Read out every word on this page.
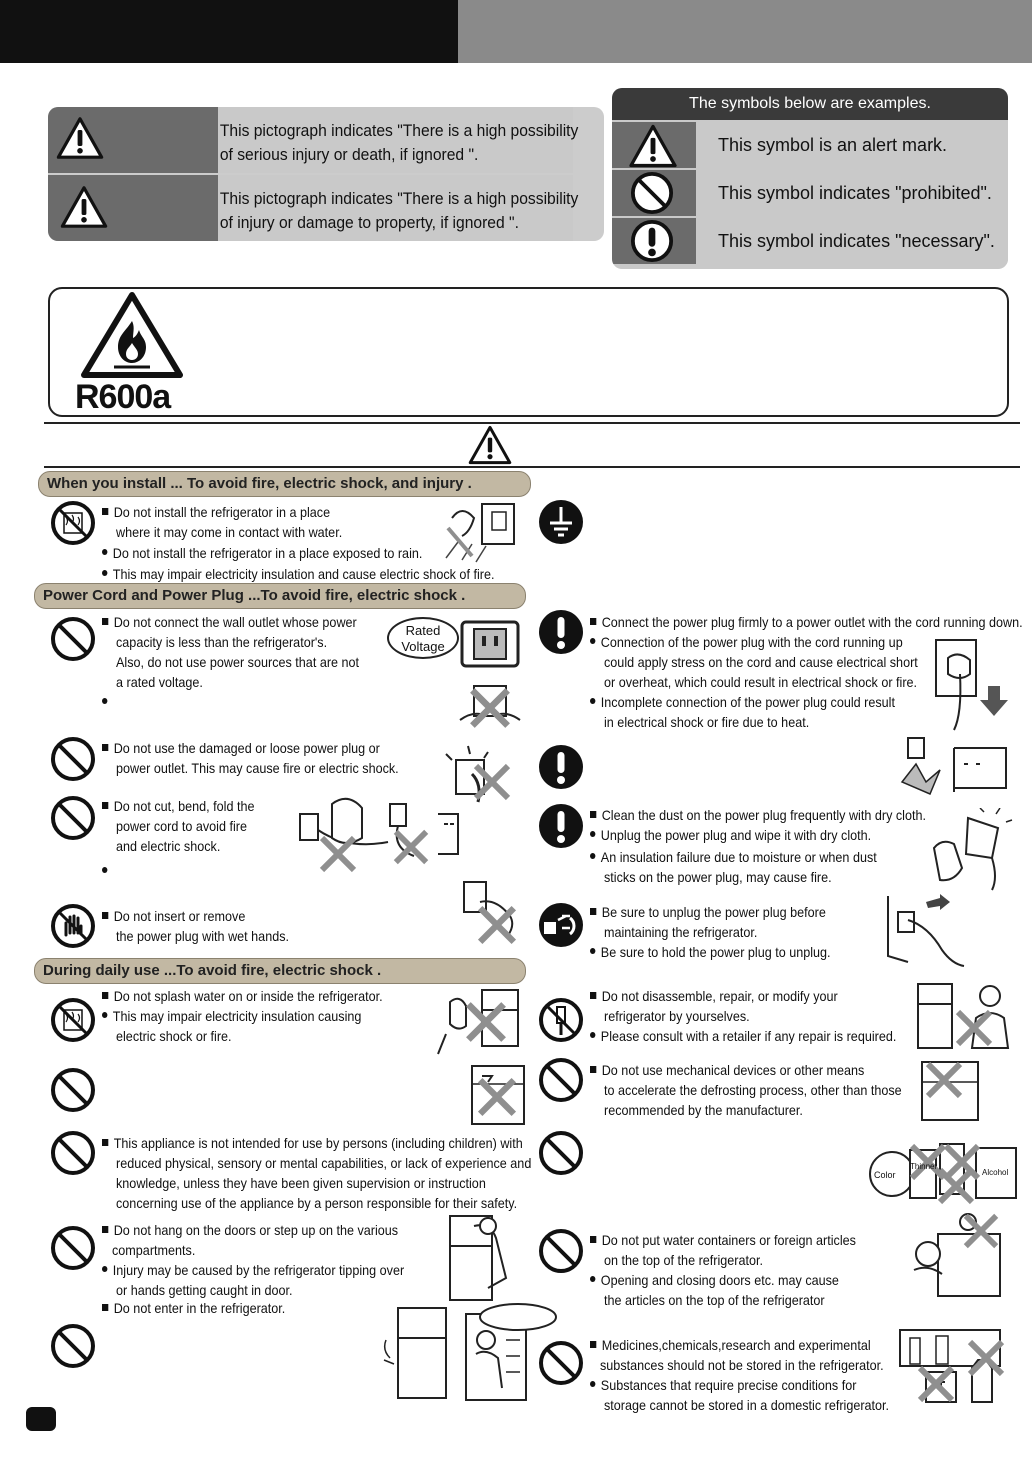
This pictograph indicates "There is a high possibility
of serious injury or death, if ignored ".
This pictograph indicates "There is a high possibility
of injury or damage to property, if ignored ".
The symbols below are examples.
This symbol is an alert mark.
This symbol indicates "prohibited".
This symbol indicates "necessary".
R600a
When you install ... To avoid fire, electric shock, and injury .
Do not install the refrigerator in a place
where it may come in contact with water.
Do not install the refrigerator in a place exposed to rain.
This may impair electricity insulation and cause electric shock of fire.
Power Cord and Power Plug ...To avoid fire, electric shock .
Do not connect the wall outlet whose power
capacity is less than the refrigerator's.
Also, do not use power sources that are not
a rated voltage.
Rated
Voltage
Do not use the damaged or loose power plug or
power outlet. This may cause fire or electric shock.
Do not cut, bend, fold the
power cord to avoid fire
and electric shock.
Do not insert or remove
the power plug with wet hands.
Connect the power plug firmly to a power outlet with the cord running down.
Connection of the power plug with the cord running up
could apply stress on the cord and cause electrical short
or overheat, which could result in electrical shock or fire.
Incomplete connection of the power plug could result
in electrical shock or fire due to heat.
Clean the dust on the power plug frequently with dry cloth.
Unplug the power plug and wipe it with dry cloth.
An insulation failure due to moisture or when dust
sticks on the power plug, may cause fire.
Be sure to unplug the power plug before
maintaining the refrigerator.
Be sure to hold the power plug to unplug.
During daily use ...To avoid fire, electric shock .
Do not splash water on or inside the refrigerator.
This may impair electricity insulation causing
electric shock or fire.
This appliance is not intended for use by persons (including children) with
reduced physical, sensory or mental capabilities, or lack of experience and
knowledge, unless they have been given supervision or instruction
concerning use of the appliance by a person responsible for their safety.
Do not hang on the doors or step up on the various
compartments.
Injury may be caused by the refrigerator tipping over
or hands getting caught in door.
Do not enter in the refrigerator.
Do not disassemble, repair, or modify your
refrigerator by yourselves.
Please consult with a retailer if any repair is required.
Do not use mechanical devices or other means
to accelerate the defrosting process, other than those
recommended by the manufacturer.
Color
Thinner
Alcohol
Do not put water containers or foreign articles
on the top of the refrigerator.
Opening and closing doors etc. may cause
the articles on the top of the refrigerator
Medicines,chemicals,research and experimental
substances should not be stored in the refrigerator.
Substances that require precise conditions for
storage cannot be stored in a domestic refrigerator.
